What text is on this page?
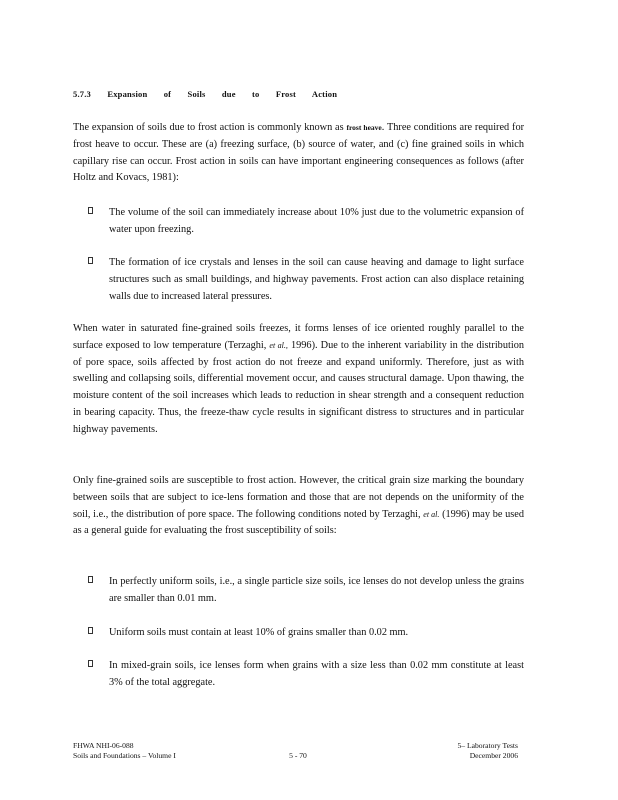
5.7.3 Expansion of Soils due to Frost Action

The expansion of soils due to frost action is commonly known as frost heave. Three conditions are required for frost heave to occur. These are (a) freezing surface, (b) source of water, and (c) fine grained soils in which capillary rise can occur. Frost action in soils can have important engineering consequences as follows (after Holtz and Kovacs, 1981):

The volume of the soil can immediately increase about 10% just due to the volumetric expansion of water upon freezing.

The formation of ice crystals and lenses in the soil can cause heaving and damage to light surface structures such as small buildings, and highway pavements. Frost action can also displace retaining walls due to increased lateral pressures.

When water in saturated fine-grained soils freezes, it forms lenses of ice oriented roughly parallel to the surface exposed to low temperature (Terzaghi, et al., 1996). Due to the inherent variability in the distribution of pore space, soils affected by frost action do not freeze and expand uniformly. Therefore, just as with swelling and collapsing soils, differential movement occur, and causes structural damage. Upon thawing, the moisture content of the soil increases which leads to reduction in shear strength and a consequent reduction in bearing capacity. Thus, the freeze-thaw cycle results in significant distress to structures and in particular highway pavements.

Only fine-grained soils are susceptible to frost action. However, the critical grain size marking the boundary between soils that are subject to ice-lens formation and those that are not depends on the uniformity of the soil, i.e., the distribution of pore space. The following conditions noted by Terzaghi, et al. (1996) may be used as a general guide for evaluating the frost susceptibility of soils:

In perfectly uniform soils, i.e., a single particle size soils, ice lenses do not develop unless the grains are smaller than 0.01 mm.

Uniform soils must contain at least 10% of grains smaller than 0.02 mm.

In mixed-grain soils, ice lenses form when grains with a size less than 0.02 mm constitute at least 3% of the total aggregate.

FHWA NHI-06-088
Soils and Foundations – Volume I	5 - 70
5– Laboratory Tests
December 2006
